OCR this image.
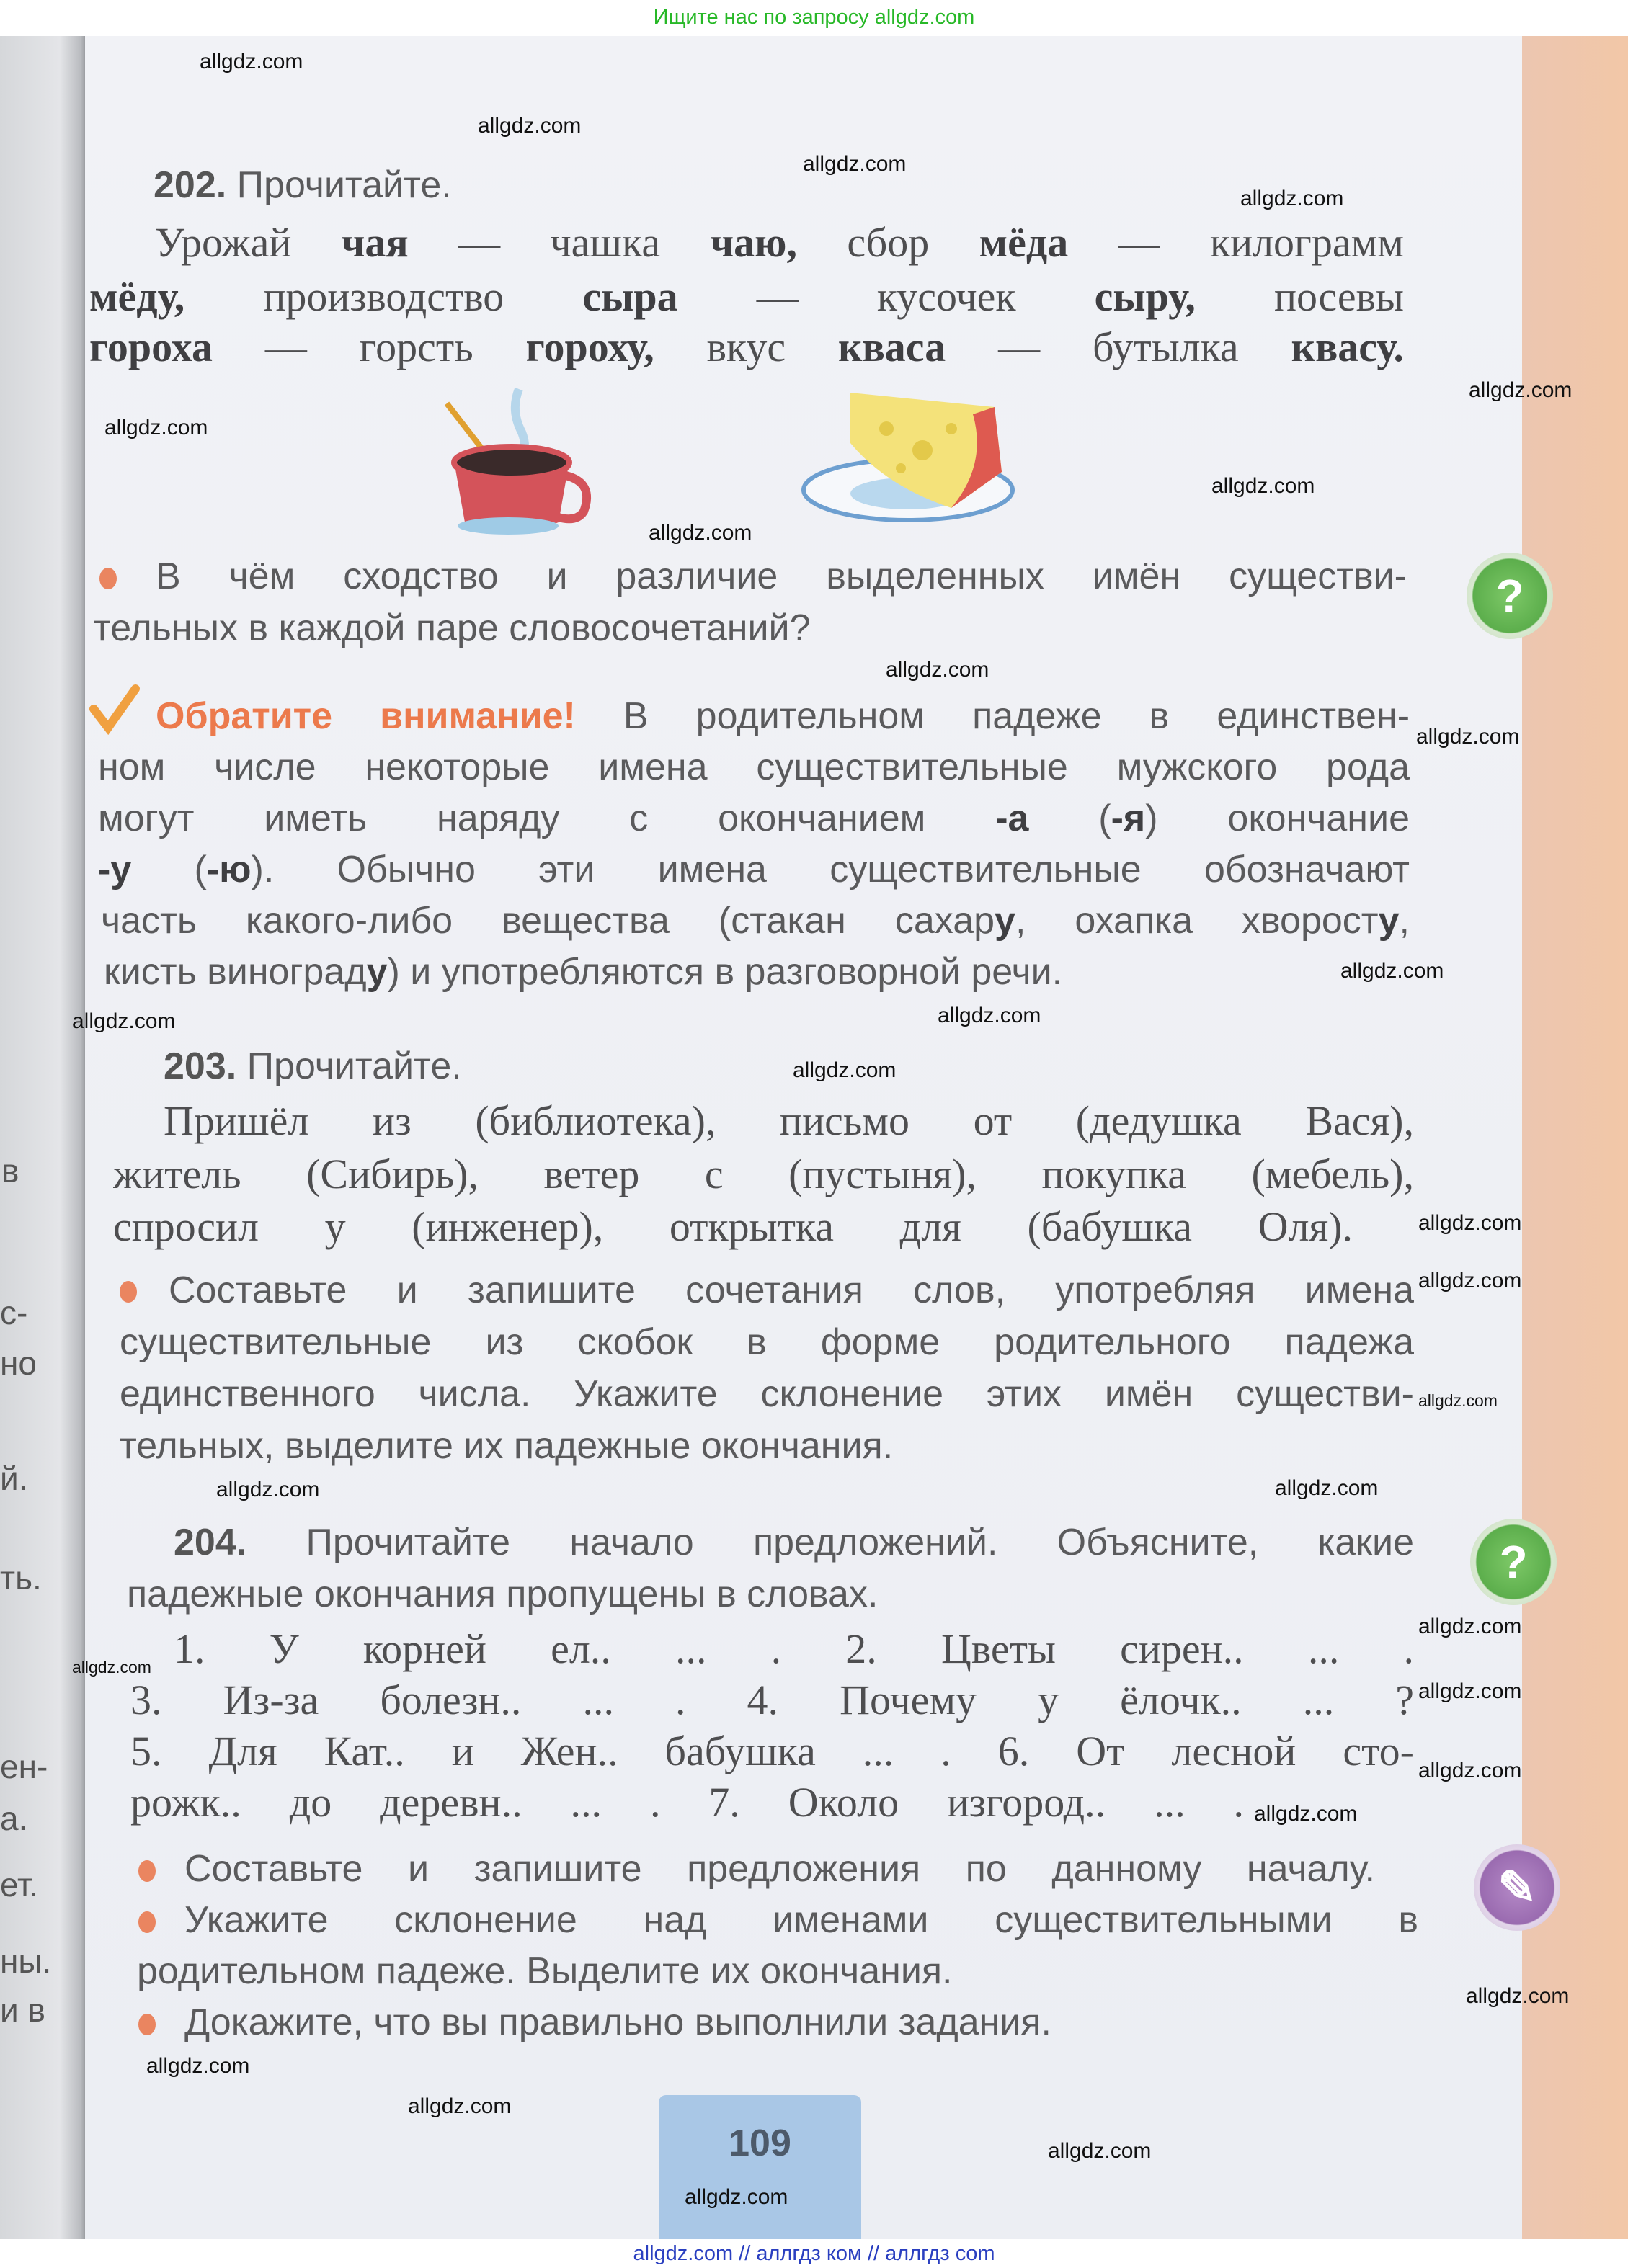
в
с-
но
й.
ть.
ен-
а.
ет.
ны.
и в
Ищите нас по запросу allgdz.com
202. Прочитайте.
Урожай чая — чашка чаю, сбор мёда — килограмм
мёду, производство сыра — кусочек сыру, посевы
гороха — горсть гороху, вкус кваса — бутылка квасу.
В чём сходство и различие выделенных имён существи-
тельных в каждой паре словосочетаний?
Обратите внимание! В родительном падеже в единствен-
ном числе некоторые имена существительные мужского рода
могут иметь наряду с окончанием -а (-я) окончание
-у (-ю). Обычно эти имена существительные обозначают
часть какого-либо вещества (стакан сахару, охапка хворосту,
кисть винограду) и употребляются в разговорной речи.
203. Прочитайте.
Пришёл из (библиотека), письмо от (дедушка Вася),
житель (Сибирь), ветер с (пустыня), покупка (мебель),
спросил у (инженер), открытка для (бабушка Оля).
Составьте и запишите сочетания слов, употребляя имена
существительные из скобок в форме родительного падежа
единственного числа. Укажите склонение этих имён существи-
тельных, выделите их падежные окончания.
204. Прочитайте начало предложений. Объясните, какие
падежные окончания пропущены в словах.
1. У корней ел.. ... . 2. Цветы сирен.. ... .
3. Из-за болезн.. ... . 4. Почему у ёлочк.. ... ?
5. Для Кат.. и Жен.. бабушка ... . 6. От лесной сто-
рожк.. до деревн.. ... . 7. Около изгород.. ... .
Составьте и запишите предложения по данному началу.
Укажите склонение над именами существительными в
родительном падеже. Выделите их окончания.
Докажите, что вы правильно выполнили задания.
?
?
✎
109
allgdz.com
allgdz.com
allgdz.com
allgdz.com
allgdz.com
allgdz.com
allgdz.com
allgdz.com
allgdz.com
allgdz.com
allgdz.com
allgdz.com
allgdz.com
allgdz.com
allgdz.com
allgdz.com
allgdz.com
allgdz.com
allgdz.com
allgdz.com
allgdz.com
allgdz.com
allgdz.com
allgdz.com
allgdz.com
allgdz.com
allgdz.com
allgdz.com
allgdz.com
allgdz.com // аллгдз ком // аллгдз com
